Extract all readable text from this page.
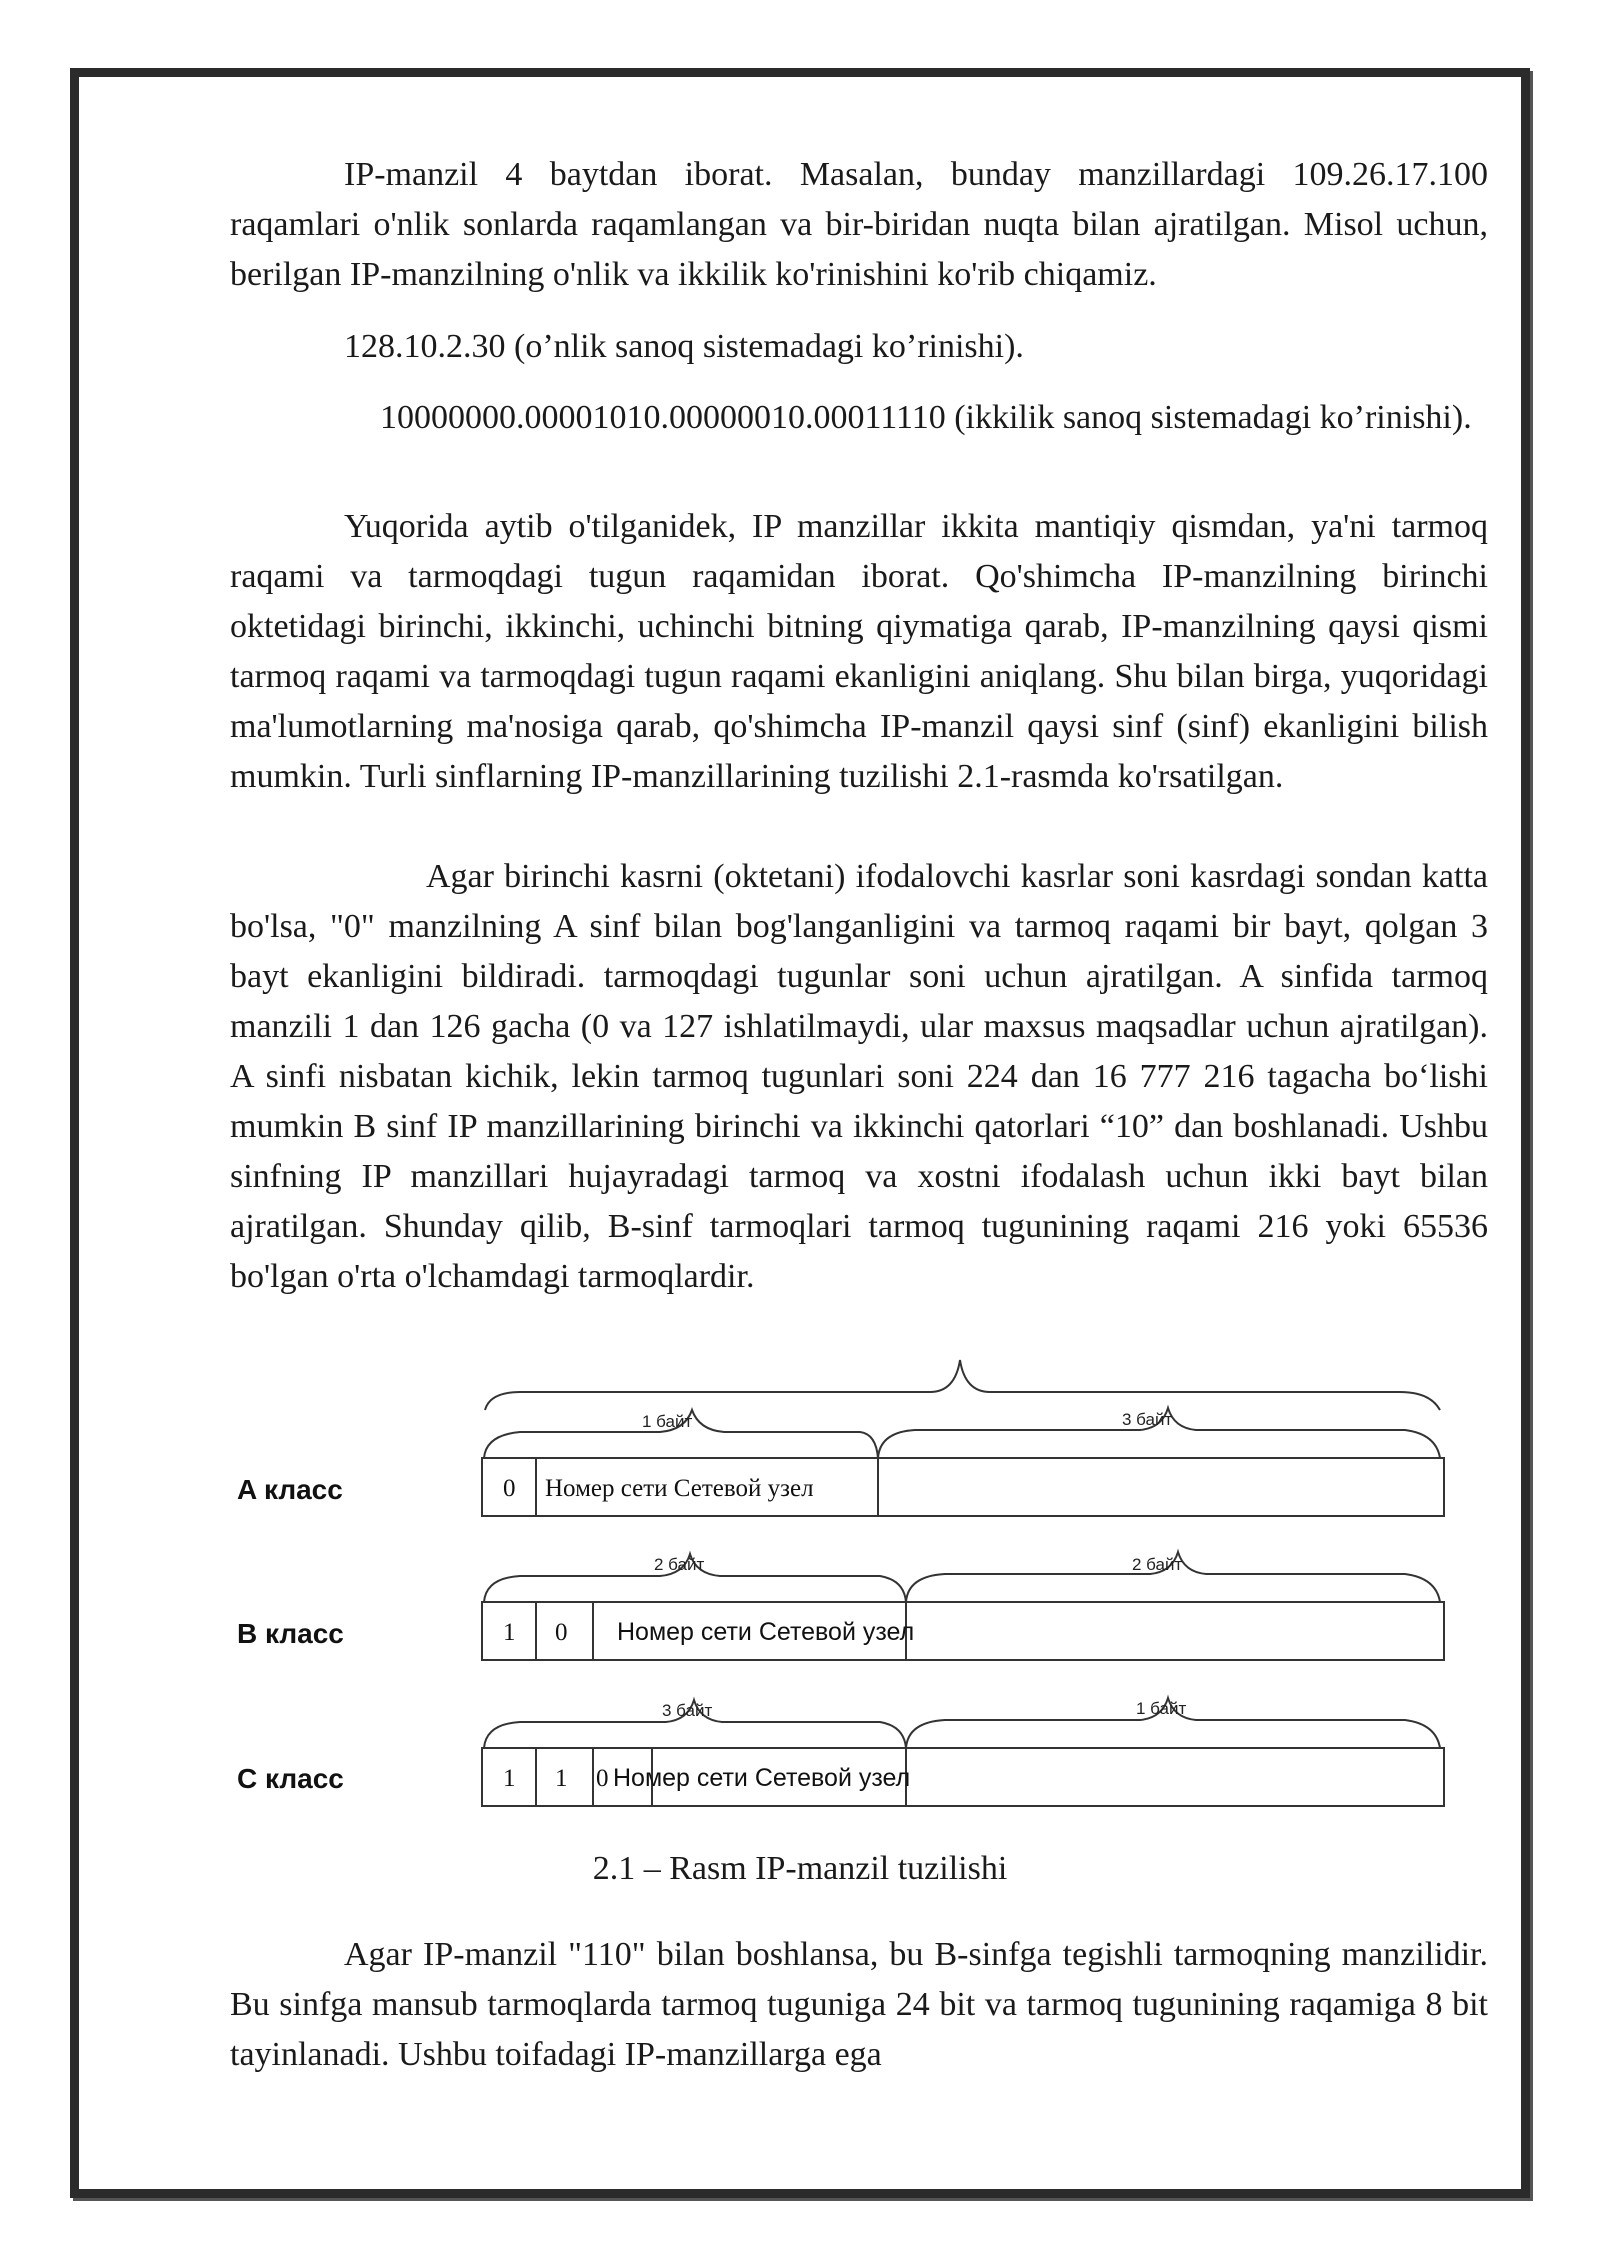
IP-manzil 4 baytdan iborat. Masalan, bunday manzillardagi 109.26.17.100 raqamlari o'nlik sonlarda raqamlangan va bir-biridan nuqta bilan ajratilgan. Misol uchun, berilgan IP-manzilning o'nlik va ikkilik ko'rinishini ko'rib chiqamiz.

128.10.2.30 (o’nlik sanoq sistemadagi ko’rinishi).

10000000.00001010.00000010.00011110 (ikkilik sanoq sistemadagi ko’rinishi).

Yuqorida aytib o'tilganidek, IP manzillar ikkita mantiqiy qismdan, ya'ni tarmoq raqami va tarmoqdagi tugun raqamidan iborat. Qo'shimcha IP-manzilning birinchi oktetidagi birinchi, ikkinchi, uchinchi bitning qiymatiga qarab, IP-manzilning qaysi qismi tarmoq raqami va tarmoqdagi tugun raqami ekanligini aniqlang. Shu bilan birga, yuqoridagi ma'lumotlarning ma'nosiga qarab, qo'shimcha IP-manzil qaysi sinf (sinf) ekanligini bilish mumkin. Turli sinflarning IP-manzillarining tuzilishi 2.1-rasmda ko'rsatilgan.

Agar birinchi kasrni (oktetani) ifodalovchi kasrlar soni kasrdagi sondan katta bo'lsa, "0" manzilning A sinf bilan bog'langanligini va tarmoq raqami bir bayt, qolgan 3 bayt ekanligini bildiradi. tarmoqdagi tugunlar soni uchun ajratilgan. A sinfida tarmoq manzili 1 dan 126 gacha (0 va 127 ishlatilmaydi, ular maxsus maqsadlar uchun ajratilgan). A sinfi nisbatan kichik, lekin tarmoq tugunlari soni 224 dan 16 777 216 tagacha bo‘lishi mumkin B sinf IP manzillarining birinchi va ikkinchi qatorlari “10” dan boshlanadi. Ushbu sinfning IP manzillari hujayradagi tarmoq va xostni ifodalash uchun ikki bayt bilan ajratilgan. Shunday qilib, B-sinf tarmoqlari tarmoq tugunining raqami 216 yoki 65536 bo'lgan o'rta o'lchamdagi tarmoqlardir.

A класс
1 байт	3 байт
0 Номер сети Сетевой узел
B класс
2 байт	2 байт
1 0 Номер сети Сетевой узел
C класс
3 байт	1 байт
1 1 0 Номер сети Сетевой узел
2.1 – Rasm IP-manzil tuzilishi

Agar IP-manzil "110" bilan boshlansa, bu B-sinfga tegishli tarmoqning manzilidir. Bu sinfga mansub tarmoqlarda tarmoq tuguniga 24 bit va tarmoq tugunining raqamiga 8 bit tayinlanadi. Ushbu toifadagi IP-manzillarga ega
